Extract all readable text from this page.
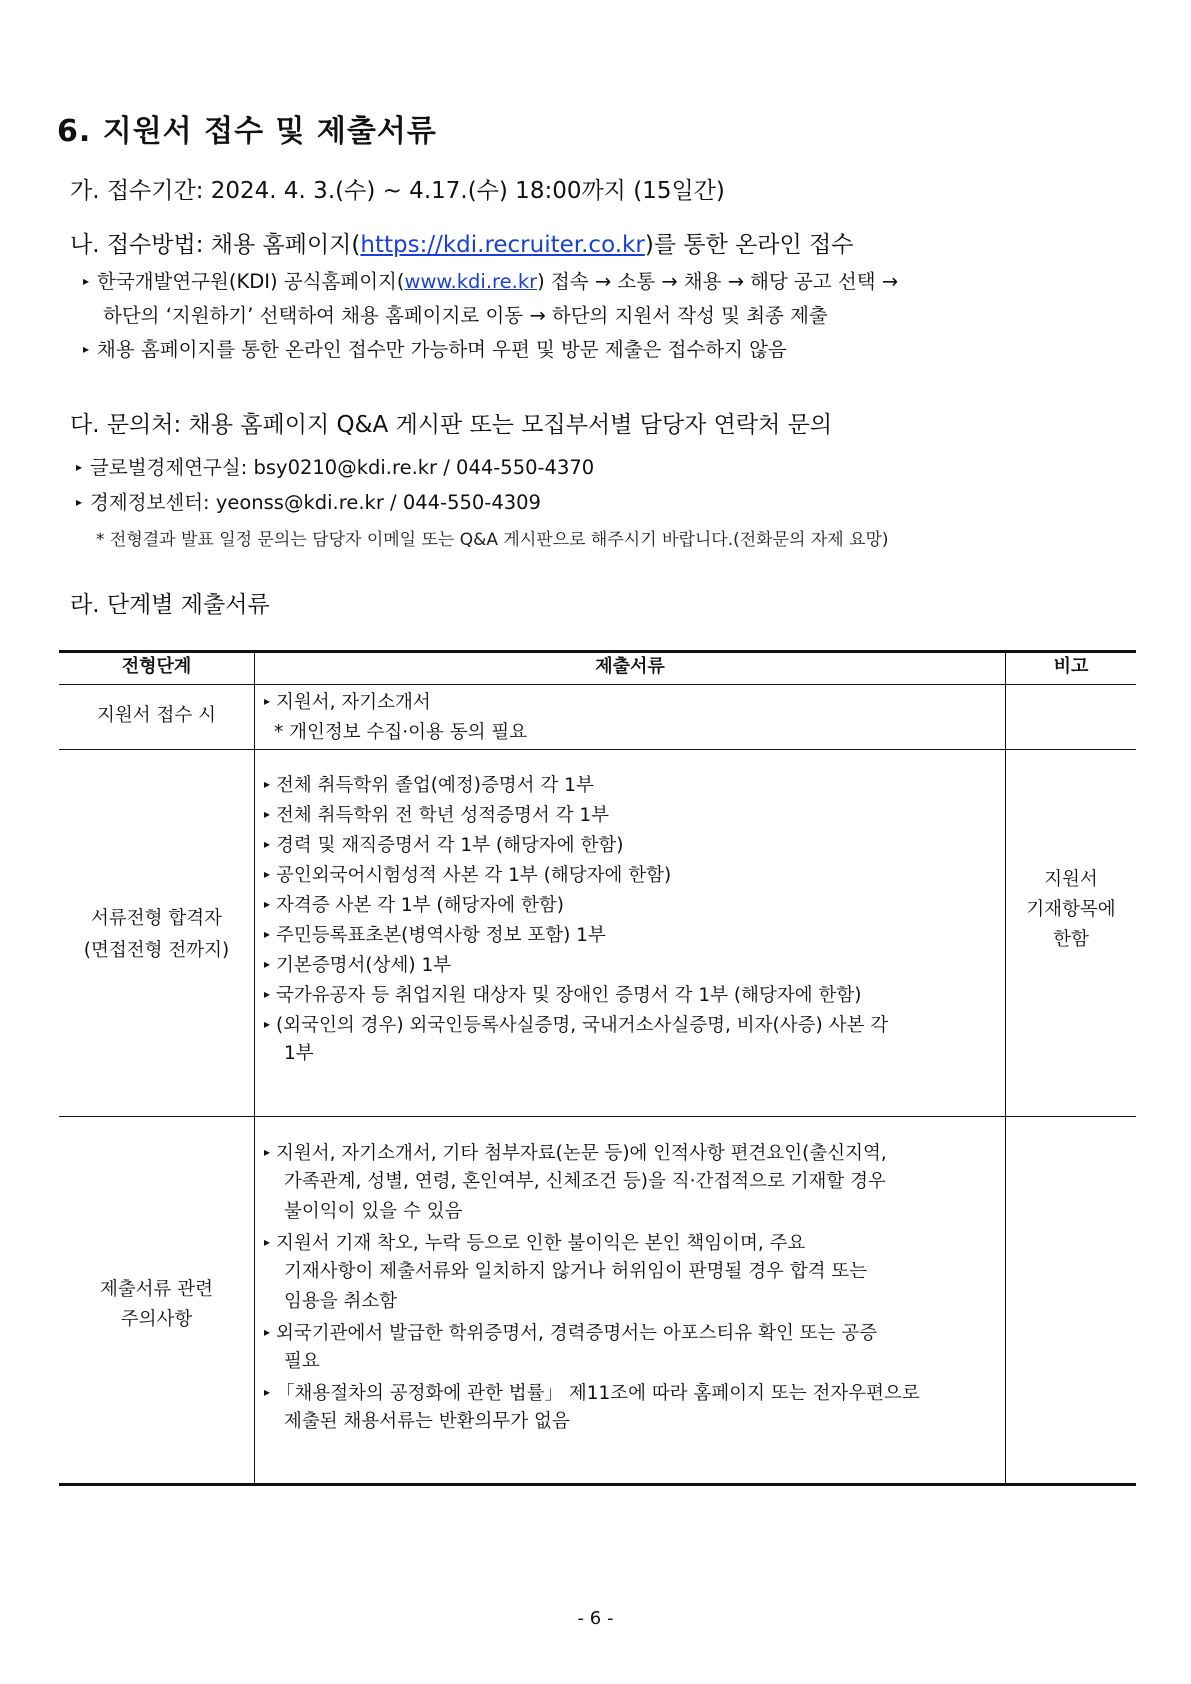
6. 지원서 접수 및 제출서류
가. 접수기간: 2024. 4. 3.(수) ~ 4.17.(수) 18:00까지 (15일간)
나. 접수방법: 채용 홈페이지(https://kdi.recruiter.co.kr)를 통한 온라인 접수
▸ 한국개발연구원(KDI) 공식홈페이지(www.kdi.re.kr) 접속 → 소통 → 채용 → 해당 공고 선택 →
하단의 ‘지원하기’ 선택하여 채용 홈페이지로 이동 → 하단의 지원서 작성 및 최종 제출
▸ 채용 홈페이지를 통한 온라인 접수만 가능하며 우편 및 방문 제출은 접수하지 않음
다. 문의처: 채용 홈페이지 Q&A 게시판 또는 모집부서별 담당자 연락처 문의
▸ 글로벌경제연구실: bsy0210@kdi.re.kr / 044-550-4370
▸ 경제정보센터: yeonss@kdi.re.kr / 044-550-4309
* 전형결과 발표 일정 문의는 담당자 이메일 또는 Q&A 게시판으로 해주시기 바랍니다.(전화문의 자제 요망)
라. 단계별 제출서류
전형단계	제출서류	비고
지원서 접수 시
▸ 지원서, 자기소개서
* 개인정보 수집·이용 동의 필요
서류전형 합격자
(면접전형 전까지)
▸ 전체 취득학위 졸업(예정)증명서 각 1부
▸ 전체 취득학위 전 학년 성적증명서 각 1부
▸ 경력 및 재직증명서 각 1부 (해당자에 한함)
▸ 공인외국어시험성적 사본 각 1부 (해당자에 한함)
▸ 자격증 사본 각 1부 (해당자에 한함)
▸ 주민등록표초본(병역사항 정보 포함) 1부
▸ 기본증명서(상세) 1부
▸ 국가유공자 등 취업지원 대상자 및 장애인 증명서 각 1부 (해당자에 한함)
▸ (외국인의 경우) 외국인등록사실증명, 국내거소사실증명, 비자(사증) 사본 각
1부
지원서
기재항목에
한함
제출서류 관련
주의사항
▸ 지원서, 자기소개서, 기타 첨부자료(논문 등)에 인적사항 편견요인(출신지역,
가족관계, 성별, 연령, 혼인여부, 신체조건 등)을 직·간접적으로 기재할 경우
불이익이 있을 수 있음
▸ 지원서 기재 착오, 누락 등으로 인한 불이익은 본인 책임이며, 주요
기재사항이 제출서류와 일치하지 않거나 허위임이 판명될 경우 합격 또는
임용을 취소함
▸ 외국기관에서 발급한 학위증명서, 경력증명서는 아포스티유 확인 또는 공증
필요
▸ 「채용절차의 공정화에 관한 법률」 제11조에 따라 홈페이지 또는 전자우편으로
제출된 채용서류는 반환의무가 없음
- 6 -
